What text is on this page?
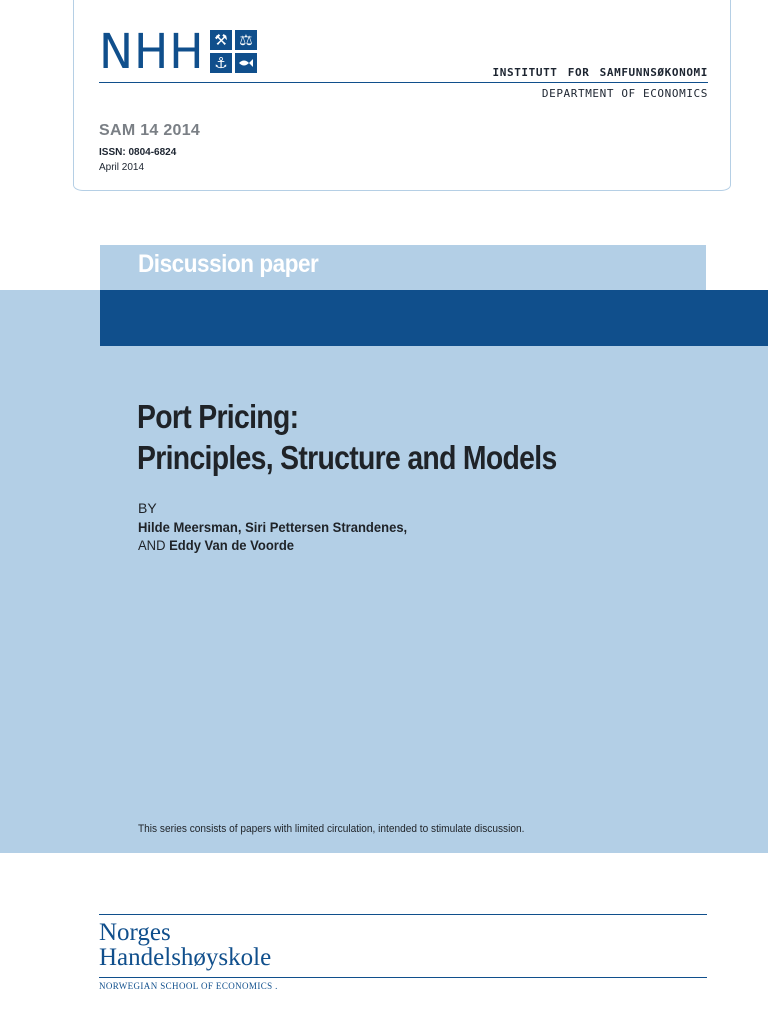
NHH ⚒ ⚖
⚓
INSTITUTT FOR SAMFUNNSØKONOMI
DEPARTMENT OF ECONOMICS
SAM 14 2014
ISSN: 0804-6824
April 2014
Discussion paper
Port Pricing:
Principles, Structure and Models
BY
Hilde Meersman, Siri Pettersen Strandenes,
AND Eddy Van de Voorde
This series consists of papers with limited circulation, intended to stimulate discussion.
Norges
Handelshøyskole
NORWEGIAN SCHOOL OF ECONOMICS .
